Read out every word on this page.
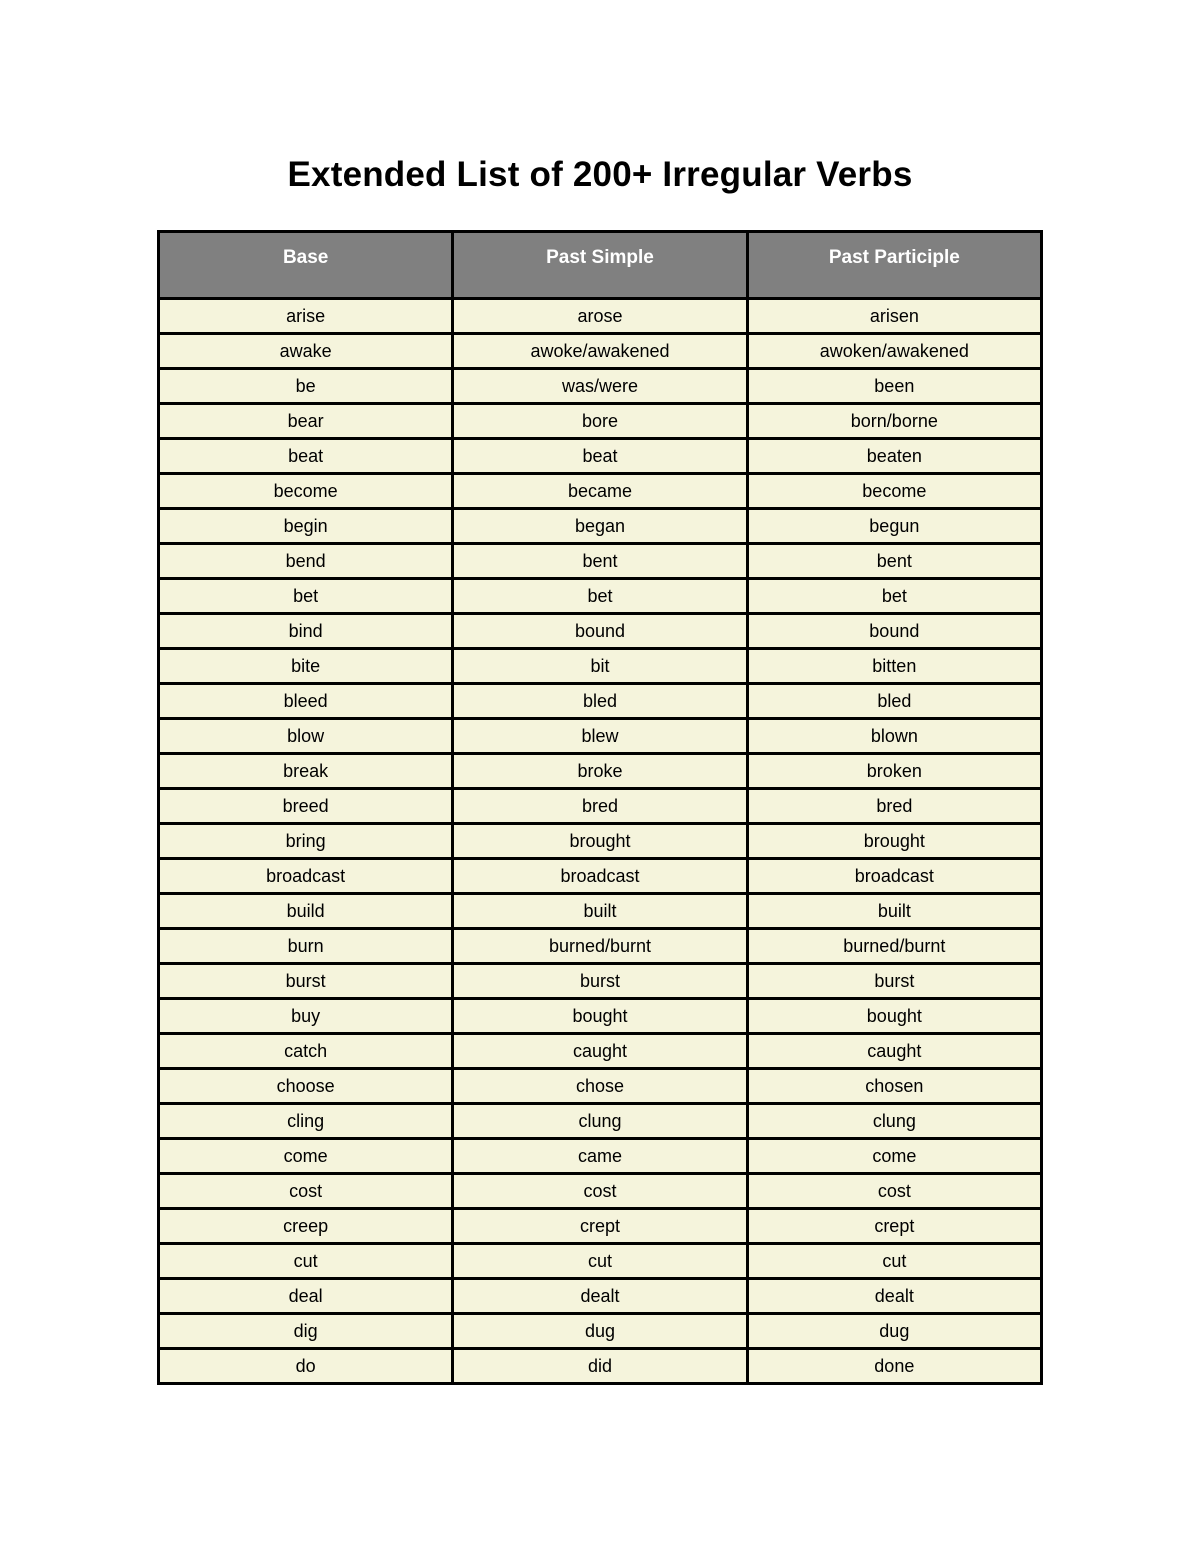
Extended List of 200+ Irregular Verbs
Base	Past Simple	Past Participle
arise	arose	arisen
awake	awoke/awakened	awoken/awakened
be	was/were	been
bear	bore	born/borne
beat	beat	beaten
become	became	become
begin	began	begun
bend	bent	bent
bet	bet	bet
bind	bound	bound
bite	bit	bitten
bleed	bled	bled
blow	blew	blown
break	broke	broken
breed	bred	bred
bring	brought	brought
broadcast	broadcast	broadcast
build	built	built
burn	burned/burnt	burned/burnt
burst	burst	burst
buy	bought	bought
catch	caught	caught
choose	chose	chosen
cling	clung	clung
come	came	come
cost	cost	cost
creep	crept	crept
cut	cut	cut
deal	dealt	dealt
dig	dug	dug
do	did	done
